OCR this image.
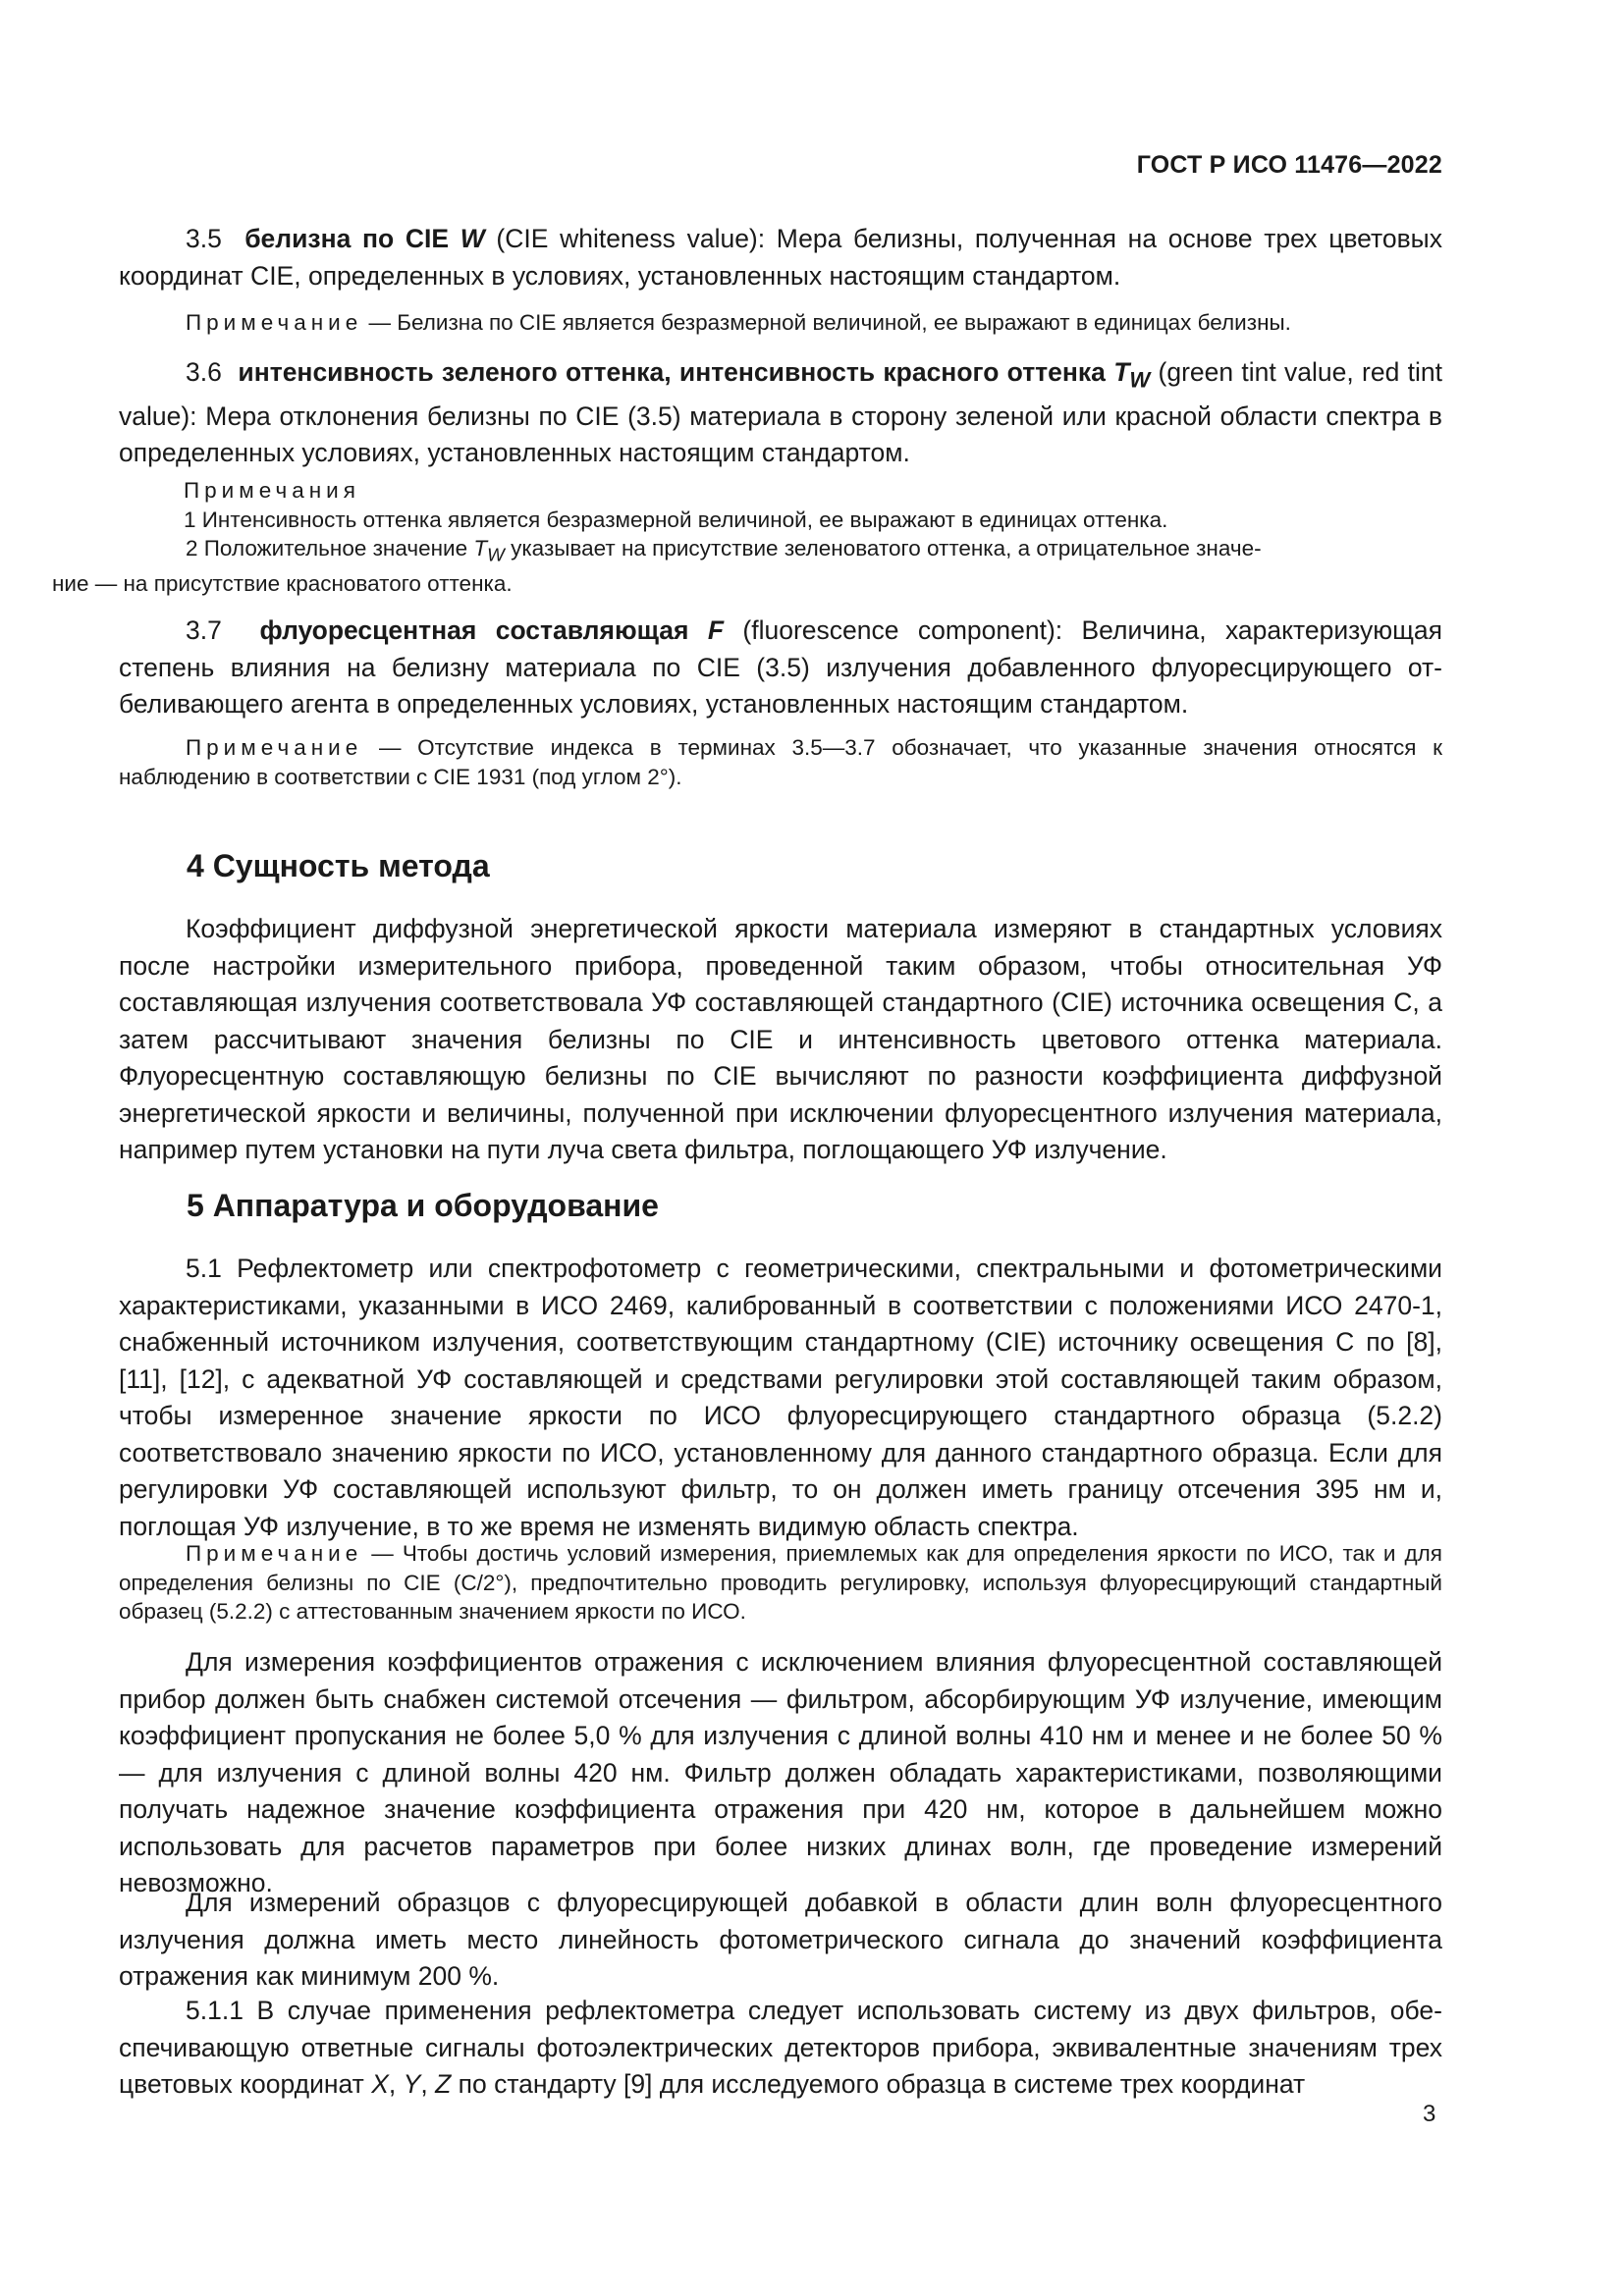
ГОСТ Р ИСО 11476—2022

3.5 белизна по CIE W (CIE whiteness value): Мера белизны, полученная на основе трех цветовых координат CIE, определенных в условиях, установленных настоящим стандартом.

Примечание — Белизна по CIE является безразмерной величиной, ее выражают в единицах белизны.

3.6 интенсивность зеленого оттенка, интенсивность красного оттенка $T_W$ (green tint value, red tint value): Мера отклонения белизны по CIE (3.5) материала в сторону зеленой или красной области спектра в определенных условиях, установленных настоящим стандартом.

Примечания
1 Интенсивность оттенка является безразмерной величиной, ее выражают в единицах оттенка.

2 Положительное значение $T_W$ указывает на присутствие зеленоватого оттенка, а отрицательное значе-
ние — на присутствие красноватого оттенка.

3.7 флуоресцентная составляющая F (fluorescence component): Величина, характеризующая степень влияния на белизну материала по CIE (3.5) излучения добавленного флуоресцирующего отбеливающего агента в определенных условиях, установленных настоящим стандартом.

Примечание — Отсутствие индекса в терминах 3.5—3.7 обозначает, что указанные значения относятся к наблюдению в соответствии с CIE 1931 (под углом 2°).

4 Сущность метода

Коэффициент диффузной энергетической яркости материала измеряют в стандартных условиях после настройки измерительного прибора, проведенной таким образом, чтобы относительная УФ составляющая излучения соответствовала УФ составляющей стандартного (CIE) источника освещения С, а затем рассчитывают значения белизны по CIE и интенсивность цветового оттенка материала. Флуоресцентную составляющую белизны по CIE вычисляют по разности коэффициента диффузной энергетической яркости и величины, полученной при исключении флуоресцентного излучения материала, например путем установки на пути луча света фильтра, поглощающего УФ излучение.

5 Аппаратура и оборудование

5.1 Рефлектометр или спектрофотометр с геометрическими, спектральными и фотометрическими характеристиками, указанными в ИСО 2469, калиброванный в соответствии с положениями ИСО 2470-1, снабженный источником излучения, соответствующим стандартному (CIE) источнику освещения С по [8], [11], [12], с адекватной УФ составляющей и средствами регулировки этой составляющей таким образом, чтобы измеренное значение яркости по ИСО флуоресцирующего стандартного образца (5.2.2) соответствовало значению яркости по ИСО, установленному для данного стандартного образца. Если для регулировки УФ составляющей используют фильтр, то он должен иметь границу отсечения 395 нм и, поглощая УФ излучение, в то же время не изменять видимую область спектра.

Примечание — Чтобы достичь условий измерения, приемлемых как для определения яркости по ИСО, так и для определения белизны по CIE (С/2°), предпочтительно проводить регулировку, используя флуоресцирующий стандартный образец (5.2.2) с аттестованным значением яркости по ИСО.

Для измерения коэффициентов отражения с исключением влияния флуоресцентной составляющей прибор должен быть снабжен системой отсечения — фильтром, абсорбирующим УФ излучение, имеющим коэффициент пропускания не более 5,0 % для излучения с длиной волны 410 нм и менее и не более 50 % — для излучения с длиной волны 420 нм. Фильтр должен обладать характеристиками, позволяющими получать надежное значение коэффициента отражения при 420 нм, которое в дальнейшем можно использовать для расчетов параметров при более низких длинах волн, где проведение измерений невозможно.

Для измерений образцов с флуоресцирующей добавкой в области длин волн флуоресцентного излучения должна иметь место линейность фотометрического сигнала до значений коэффициента отражения как минимум 200 %.

5.1.1 В случае применения рефлектометра следует использовать систему из двух фильтров, обеспечивающую ответные сигналы фотоэлектрических детекторов прибора, эквивалентные значениям трех цветовых координат X, Y, Z по стандарту [9] для исследуемого образца в системе трех координат

3
